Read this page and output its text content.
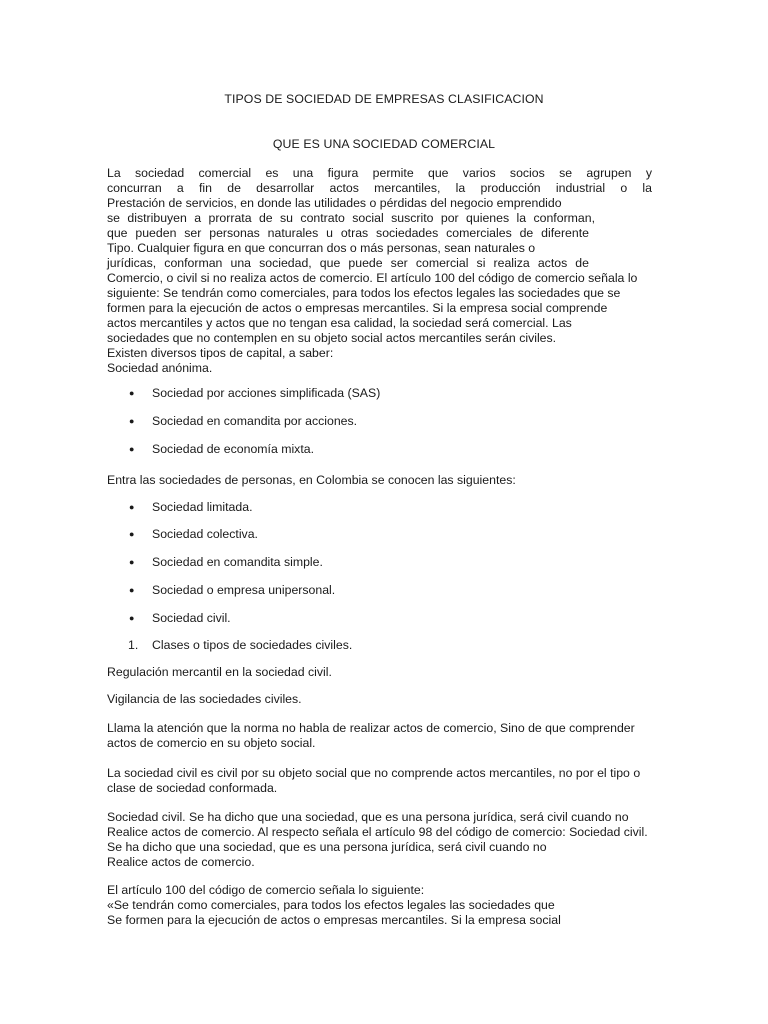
TIPOS DE SOCIEDAD DE EMPRESAS CLASIFICACION
QUE ES UNA SOCIEDAD COMERCIAL
La sociedad comercial es una figura permite que varios socios se agrupen y
concurran a fin de desarrollar actos mercantiles, la producción industrial o la
Prestación de servicios, en donde las utilidades o pérdidas del negocio emprendido
se distribuyen a prorrata de su contrato social suscrito por quienes la conforman,
que pueden ser personas naturales u otras sociedades comerciales de diferente
Tipo. Cualquier figura en que concurran dos o más personas, sean naturales o
jurídicas, conforman una sociedad, que puede ser comercial si realiza actos de
Comercio, o civil si no realiza actos de comercio. El artículo 100 del código de comercio señala lo
siguiente: Se tendrán como comerciales, para todos los efectos legales las sociedades que se
formen para la ejecución de actos o empresas mercantiles. Si la empresa social comprende
actos mercantiles y actos que no tengan esa calidad, la sociedad será comercial. Las
sociedades que no contemplen en su objeto social actos mercantiles serán civiles.
Existen diversos tipos de capital, a saber:
Sociedad anónima.
●	Sociedad por acciones simplificada (SAS)
●	Sociedad en comandita por acciones.
●	Sociedad de economía mixta.
Entra las sociedades de personas, en Colombia se conocen las siguientes:
●	Sociedad limitada.
●	Sociedad colectiva.
●	Sociedad en comandita simple.
●	Sociedad o empresa unipersonal.
●	Sociedad civil.
1.	Clases o tipos de sociedades civiles.
Regulación mercantil en la sociedad civil.
Vigilancia de las sociedades civiles.
Llama la atención que la norma no habla de realizar actos de comercio, Sino de que comprender
actos de comercio en su objeto social.
La sociedad civil es civil por su objeto social que no comprende actos mercantiles, no por el tipo o
clase de sociedad conformada.
Sociedad civil. Se ha dicho que una sociedad, que es una persona jurídica, será civil cuando no
Realice actos de comercio. Al respecto señala el artículo 98 del código de comercio: Sociedad civil.
Se ha dicho que una sociedad, que es una persona jurídica, será civil cuando no
Realice actos de comercio.
El artículo 100 del código de comercio señala lo siguiente:
«Se tendrán como comerciales, para todos los efectos legales las sociedades que
Se formen para la ejecución de actos o empresas mercantiles. Si la empresa social
